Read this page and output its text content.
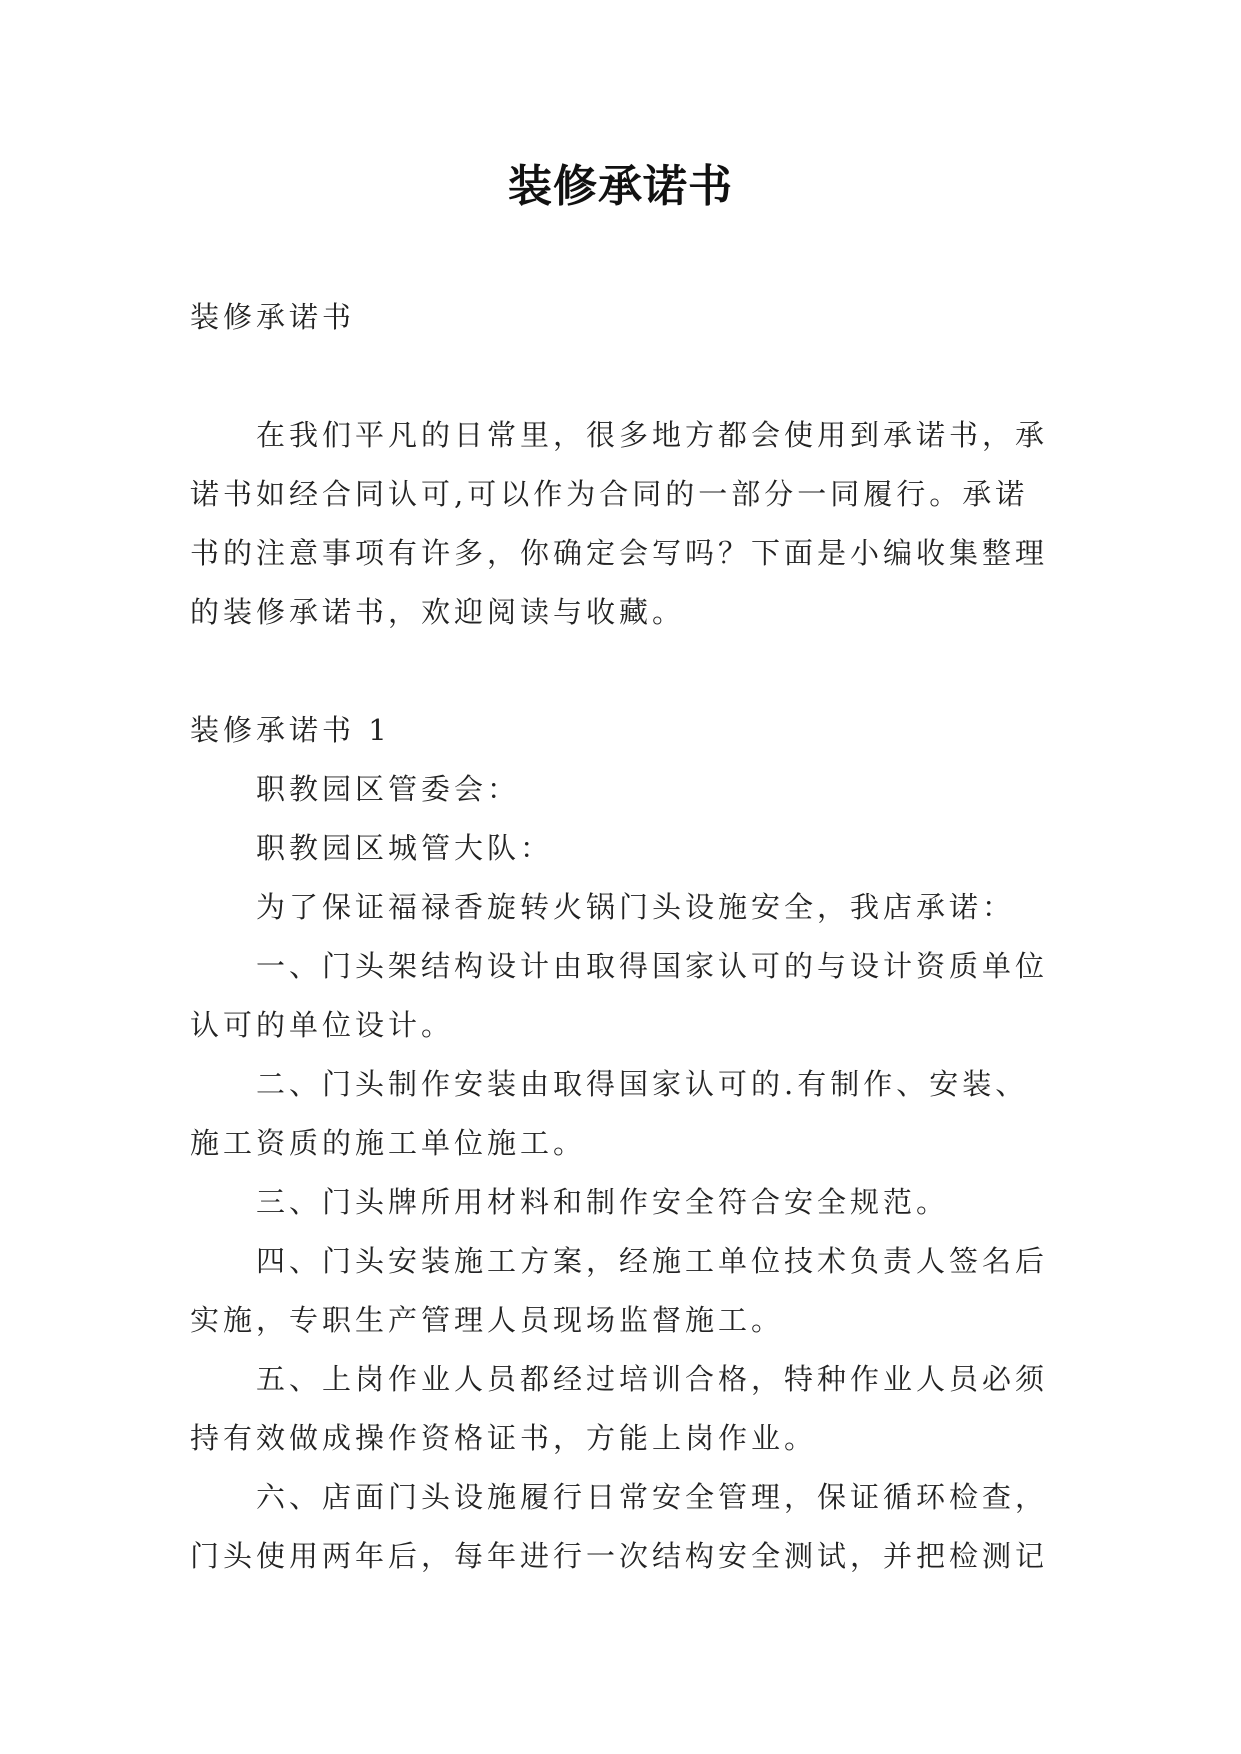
装修承诺书

装修承诺书

在我们平凡的日常里，很多地方都会使用到承诺书，承诺书如经合同认可,可以作为合同的一部分一同履行。承诺书的注意事项有许多，你确定会写吗？下面是小编收集整理的装修承诺书，欢迎阅读与收藏。

装修承诺书 1

职教园区管委会：

职教园区城管大队：

为了保证福禄香旋转火锅门头设施安全，我店承诺：

一、门头架结构设计由取得国家认可的与设计资质单位认可的单位设计。

二、门头制作安装由取得国家认可的.有制作、安装、施工资质的施工单位施工。

三、门头牌所用材料和制作安全符合安全规范。

四、门头安装施工方案，经施工单位技术负责人签名后实施，专职生产管理人员现场监督施工。

五、上岗作业人员都经过培训合格，特种作业人员必须持有效做成操作资格证书，方能上岗作业。

六、店面门头设施履行日常安全管理，保证循环检查，门头使用两年后，每年进行一次结构安全测试，并把检测记
